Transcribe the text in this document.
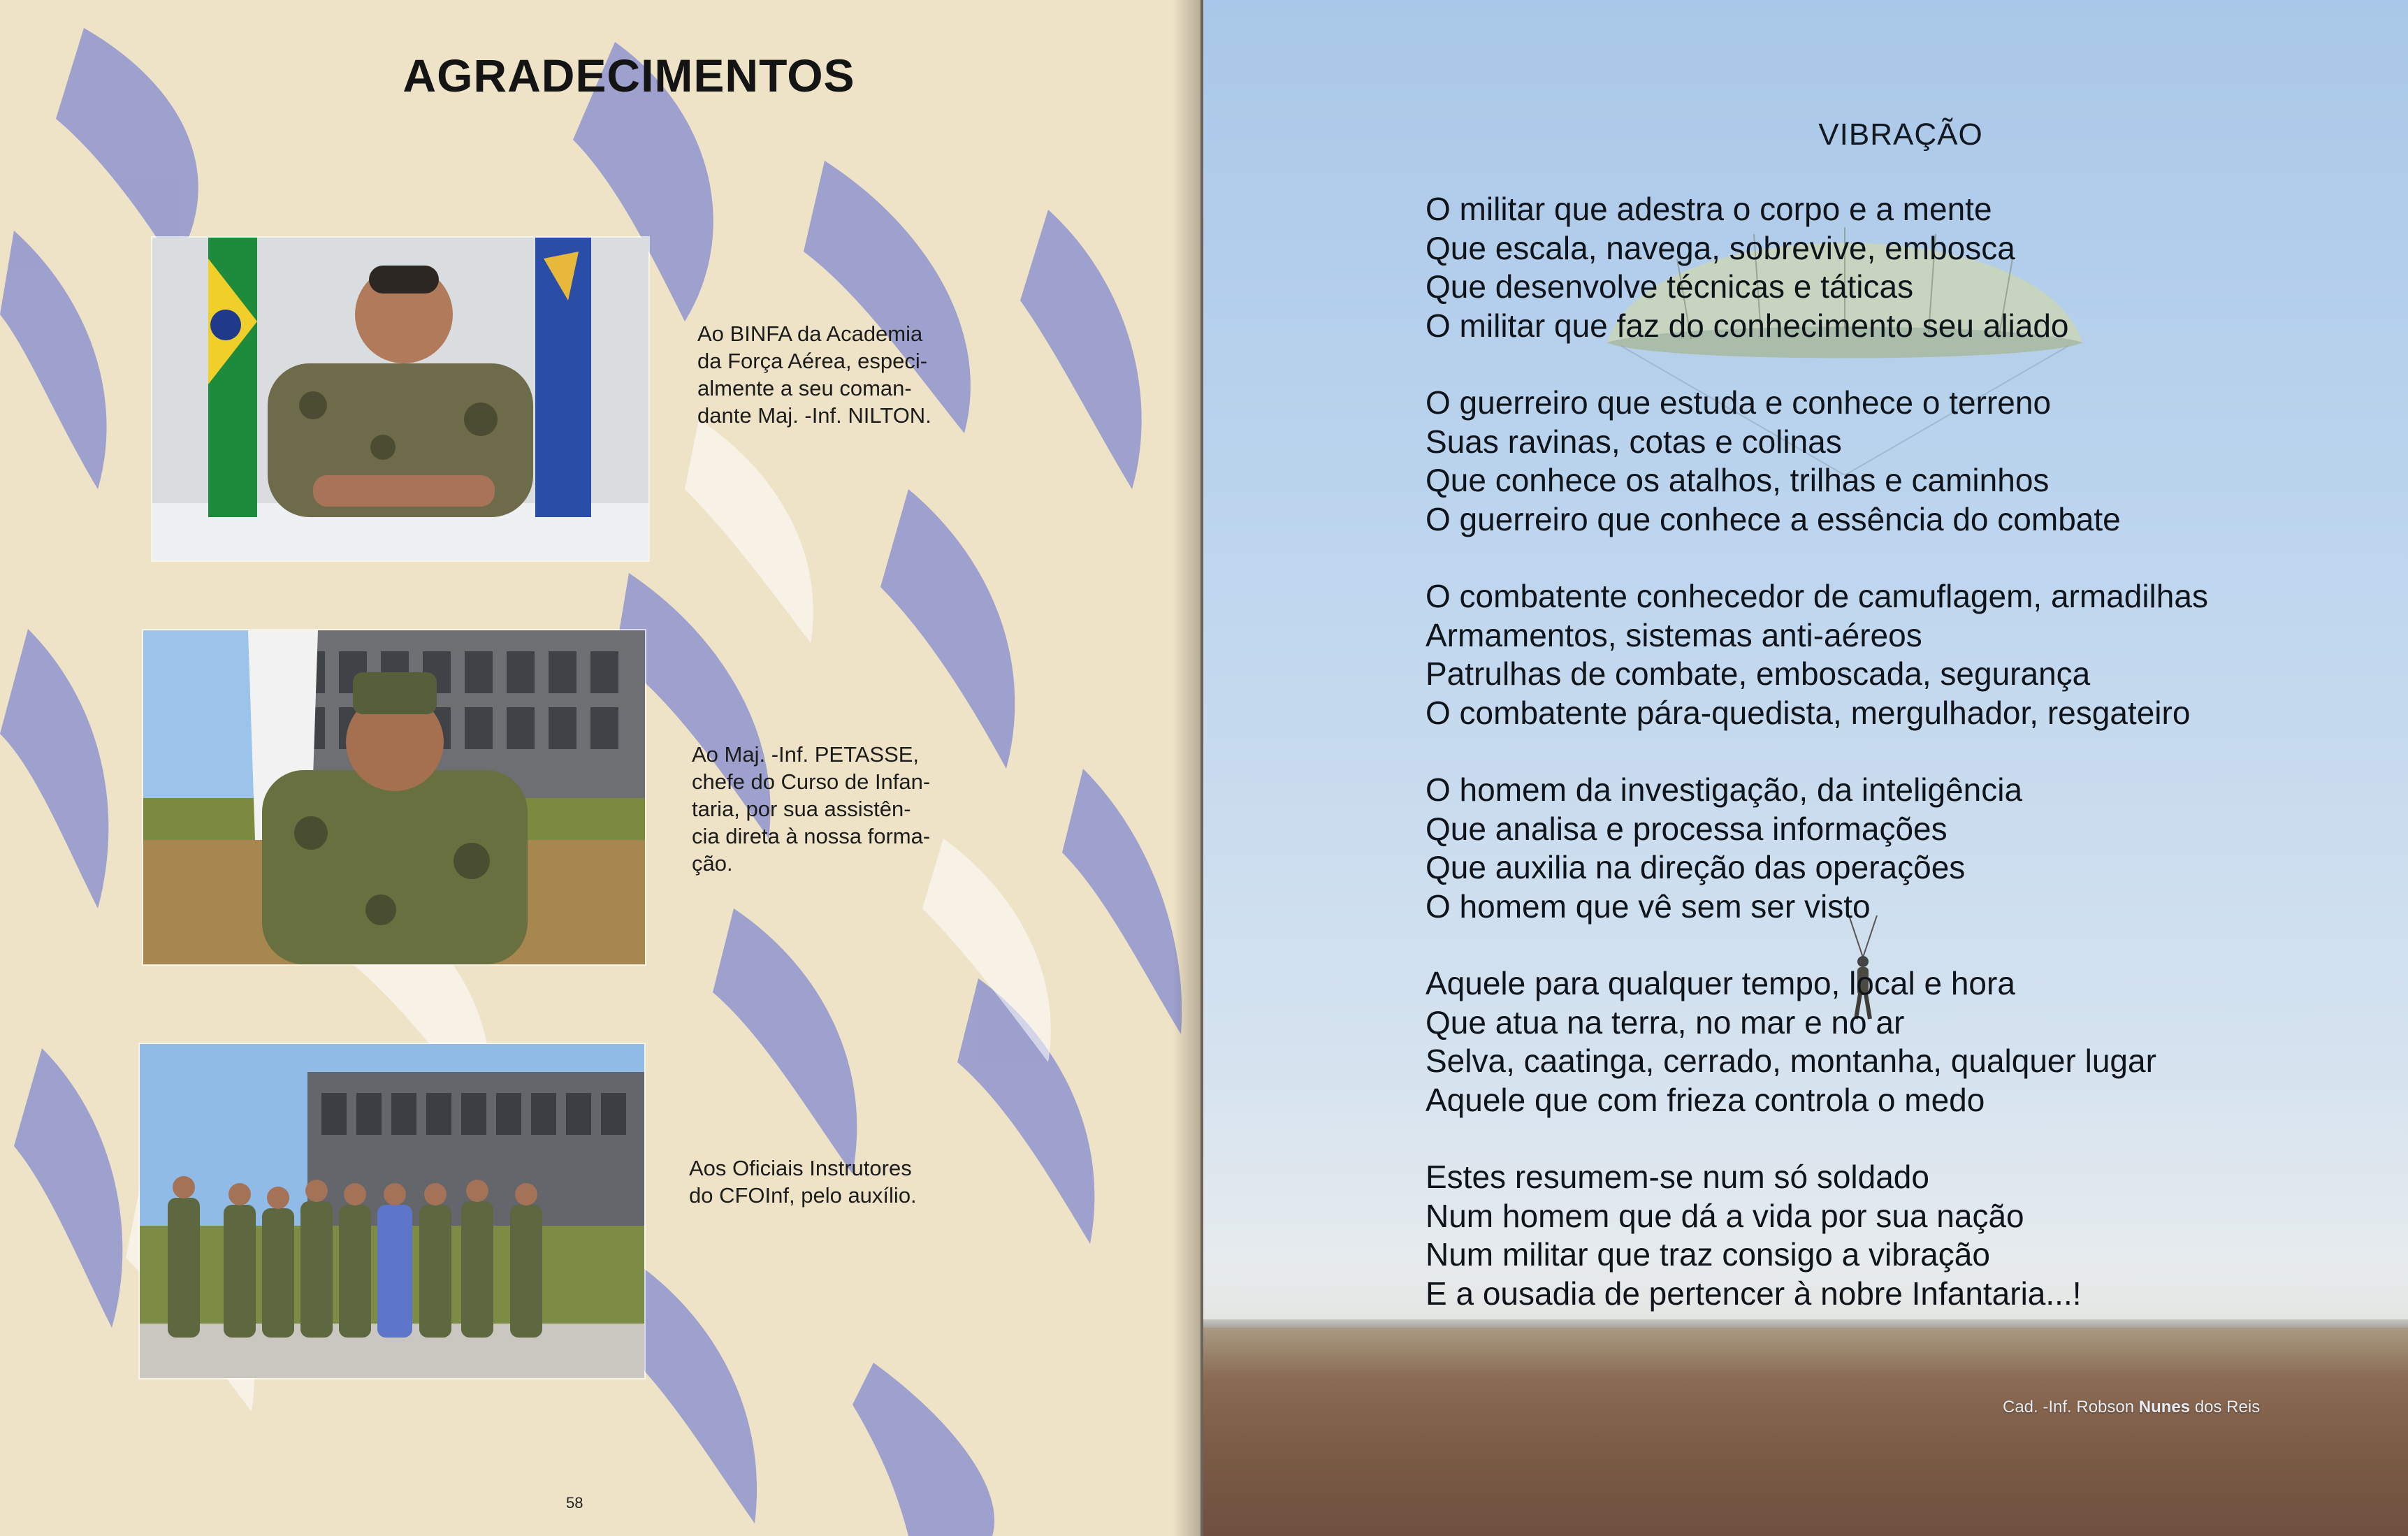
AGRADECIMENTOS
Ao BINFA da Academia
da Força Aérea, especi-
almente a seu coman-
dante Maj. -Inf. NILTON.
Ao Maj. -Inf. PETASSE,
chefe do Curso de Infan-
taria, por sua assistên-
cia direta à nossa forma-
ção.
Aos Oficiais Instrutores
do CFOInf, pelo auxílio.
58
VIBRAÇÃO
O militar que adestra o corpo e a mente
Que escala, navega, sobrevive, embosca
Que desenvolve técnicas e táticas
O militar que faz do conhecimento seu aliado
O guerreiro que estuda e conhece o terreno
Suas ravinas, cotas e colinas
Que conhece os atalhos, trilhas e caminhos
O guerreiro que conhece a essência do combate
O combatente conhecedor de camuflagem, armadilhas
Armamentos, sistemas anti-aéreos
Patrulhas de combate, emboscada, segurança
O combatente pára-quedista, mergulhador, resgateiro
O homem da investigação, da inteligência
Que analisa e processa informações
Que auxilia na direção das operações
O homem que vê sem ser visto
Aquele para qualquer tempo, local e hora
Que atua na terra, no mar e no ar
Selva, caatinga, cerrado, montanha, qualquer lugar
Aquele que com frieza controla o medo
Estes resumem-se num só soldado
Num homem que dá a vida por sua nação
Num militar que traz consigo a vibração
E a ousadia de pertencer à nobre Infantaria...!
Cad. -Inf. Robson Nunes dos Reis
